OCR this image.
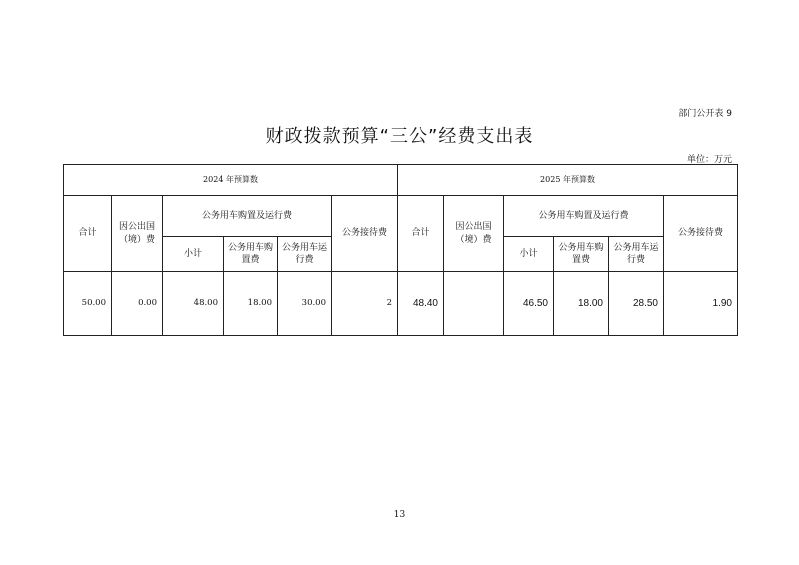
部门公开表 9
财政拨款预算“三公”经费支出表
单位：万元
2024 年预算数						2025 年预算数					
合计	因公出国（境）费	公务用车购置及运行费			公务接待费	合计	因公出国（境）费	公务用车购置及运行费			公务接待费
		小计	公务用车购置费	公务用车运行费				小计	公务用车购置费	公务用车运行费	
50.00	0.00	48.00	18.00	30.00	2	48.40		46.50	18.00	28.50	1.90
13
